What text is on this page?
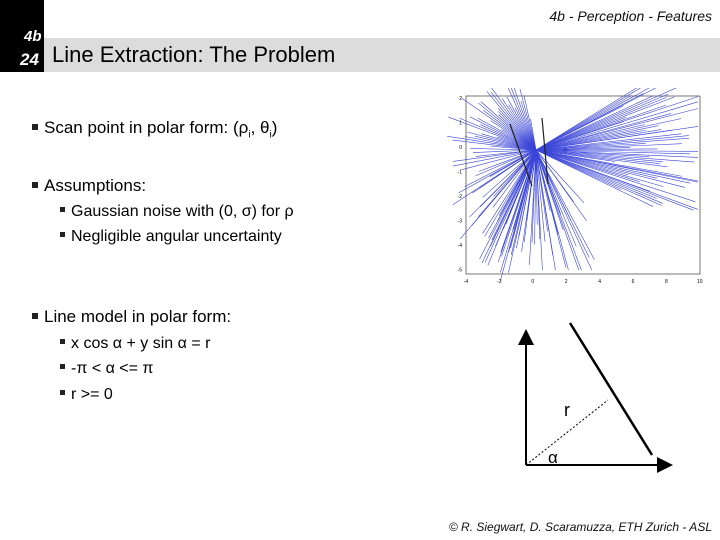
4b
24
4b - Perception - Features
Line Extraction: The Problem
Scan point in polar form: ($\rho_i$, $\theta_i$)
Assumptions:
Gaussian noise with (0, σ) for ρ
Negligible angular uncertainty
Line model in polar form:
x cos α + y sin α = r
-π < α <= π
r >= 0
2
1
0
-1
-2
-3
-4
-5
-4	-2	0	2	4	6	8	10
r
α
© R. Siegwart, D. Scaramuzza, ETH Zurich - ASL
